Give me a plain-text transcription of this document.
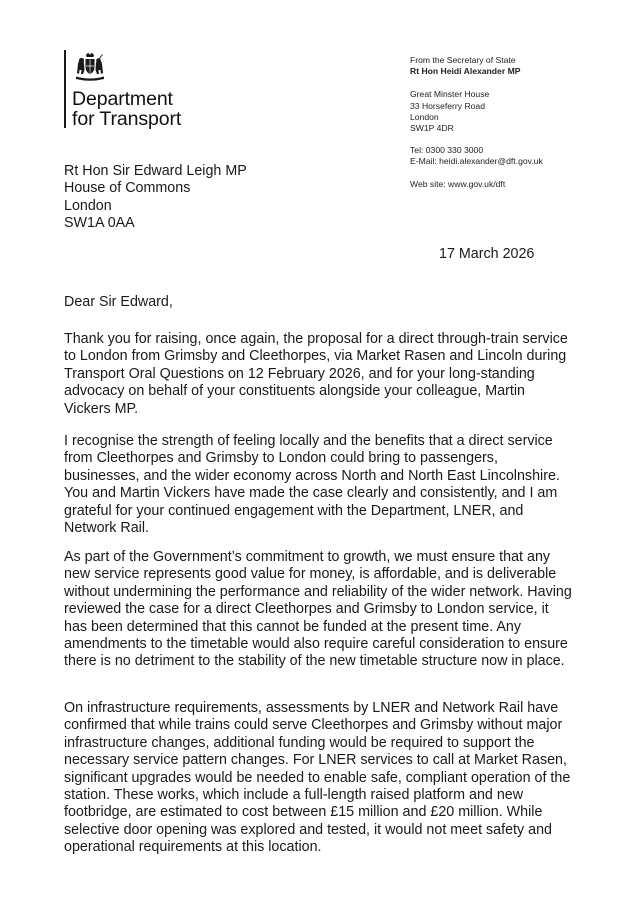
Department
for Transport
From the Secretary of State
Rt Hon Heidi Alexander MP
Great Minster House
33 Horseferry Road
London
SW1P 4DR
Tel: 0300 330 3000
E-Mail: heidi.alexander@dft.gov.uk
Web site: www.gov.uk/dft
Rt Hon Sir Edward Leigh MP
House of Commons
London
SW1A 0AA
17 March 2026
Dear Sir Edward,

Thank you for raising, once again, the proposal for a direct through-train service to London from Grimsby and Cleethorpes, via Market Rasen and Lincoln during Transport Oral Questions on 12 February 2026, and for your long-standing advocacy on behalf of your constituents alongside your colleague, Martin Vickers MP.

I recognise the strength of feeling locally and the benefits that a direct service from Cleethorpes and Grimsby to London could bring to passengers, businesses, and the wider economy across North and North East Lincolnshire. You and Martin Vickers have made the case clearly and consistently, and I am grateful for your continued engagement with the Department, LNER, and Network Rail.

As part of the Government’s commitment to growth, we must ensure that any new service represents good value for money, is affordable, and is deliverable without undermining the performance and reliability of the wider network. Having reviewed the case for a direct Cleethorpes and Grimsby to London service, it has been determined that this cannot be funded at the present time. Any amendments to the timetable would also require careful consideration to ensure there is no detriment to the stability of the new timetable structure now in place.

On infrastructure requirements, assessments by LNER and Network Rail have confirmed that while trains could serve Cleethorpes and Grimsby without major infrastructure changes, additional funding would be required to support the necessary service pattern changes. For LNER services to call at Market Rasen, significant upgrades would be needed to enable safe, compliant operation of the station. These works, which include a full-length raised platform and new footbridge, are estimated to cost between £15 million and £20 million. While selective door opening was explored and tested, it would not meet safety and operational requirements at this location.
